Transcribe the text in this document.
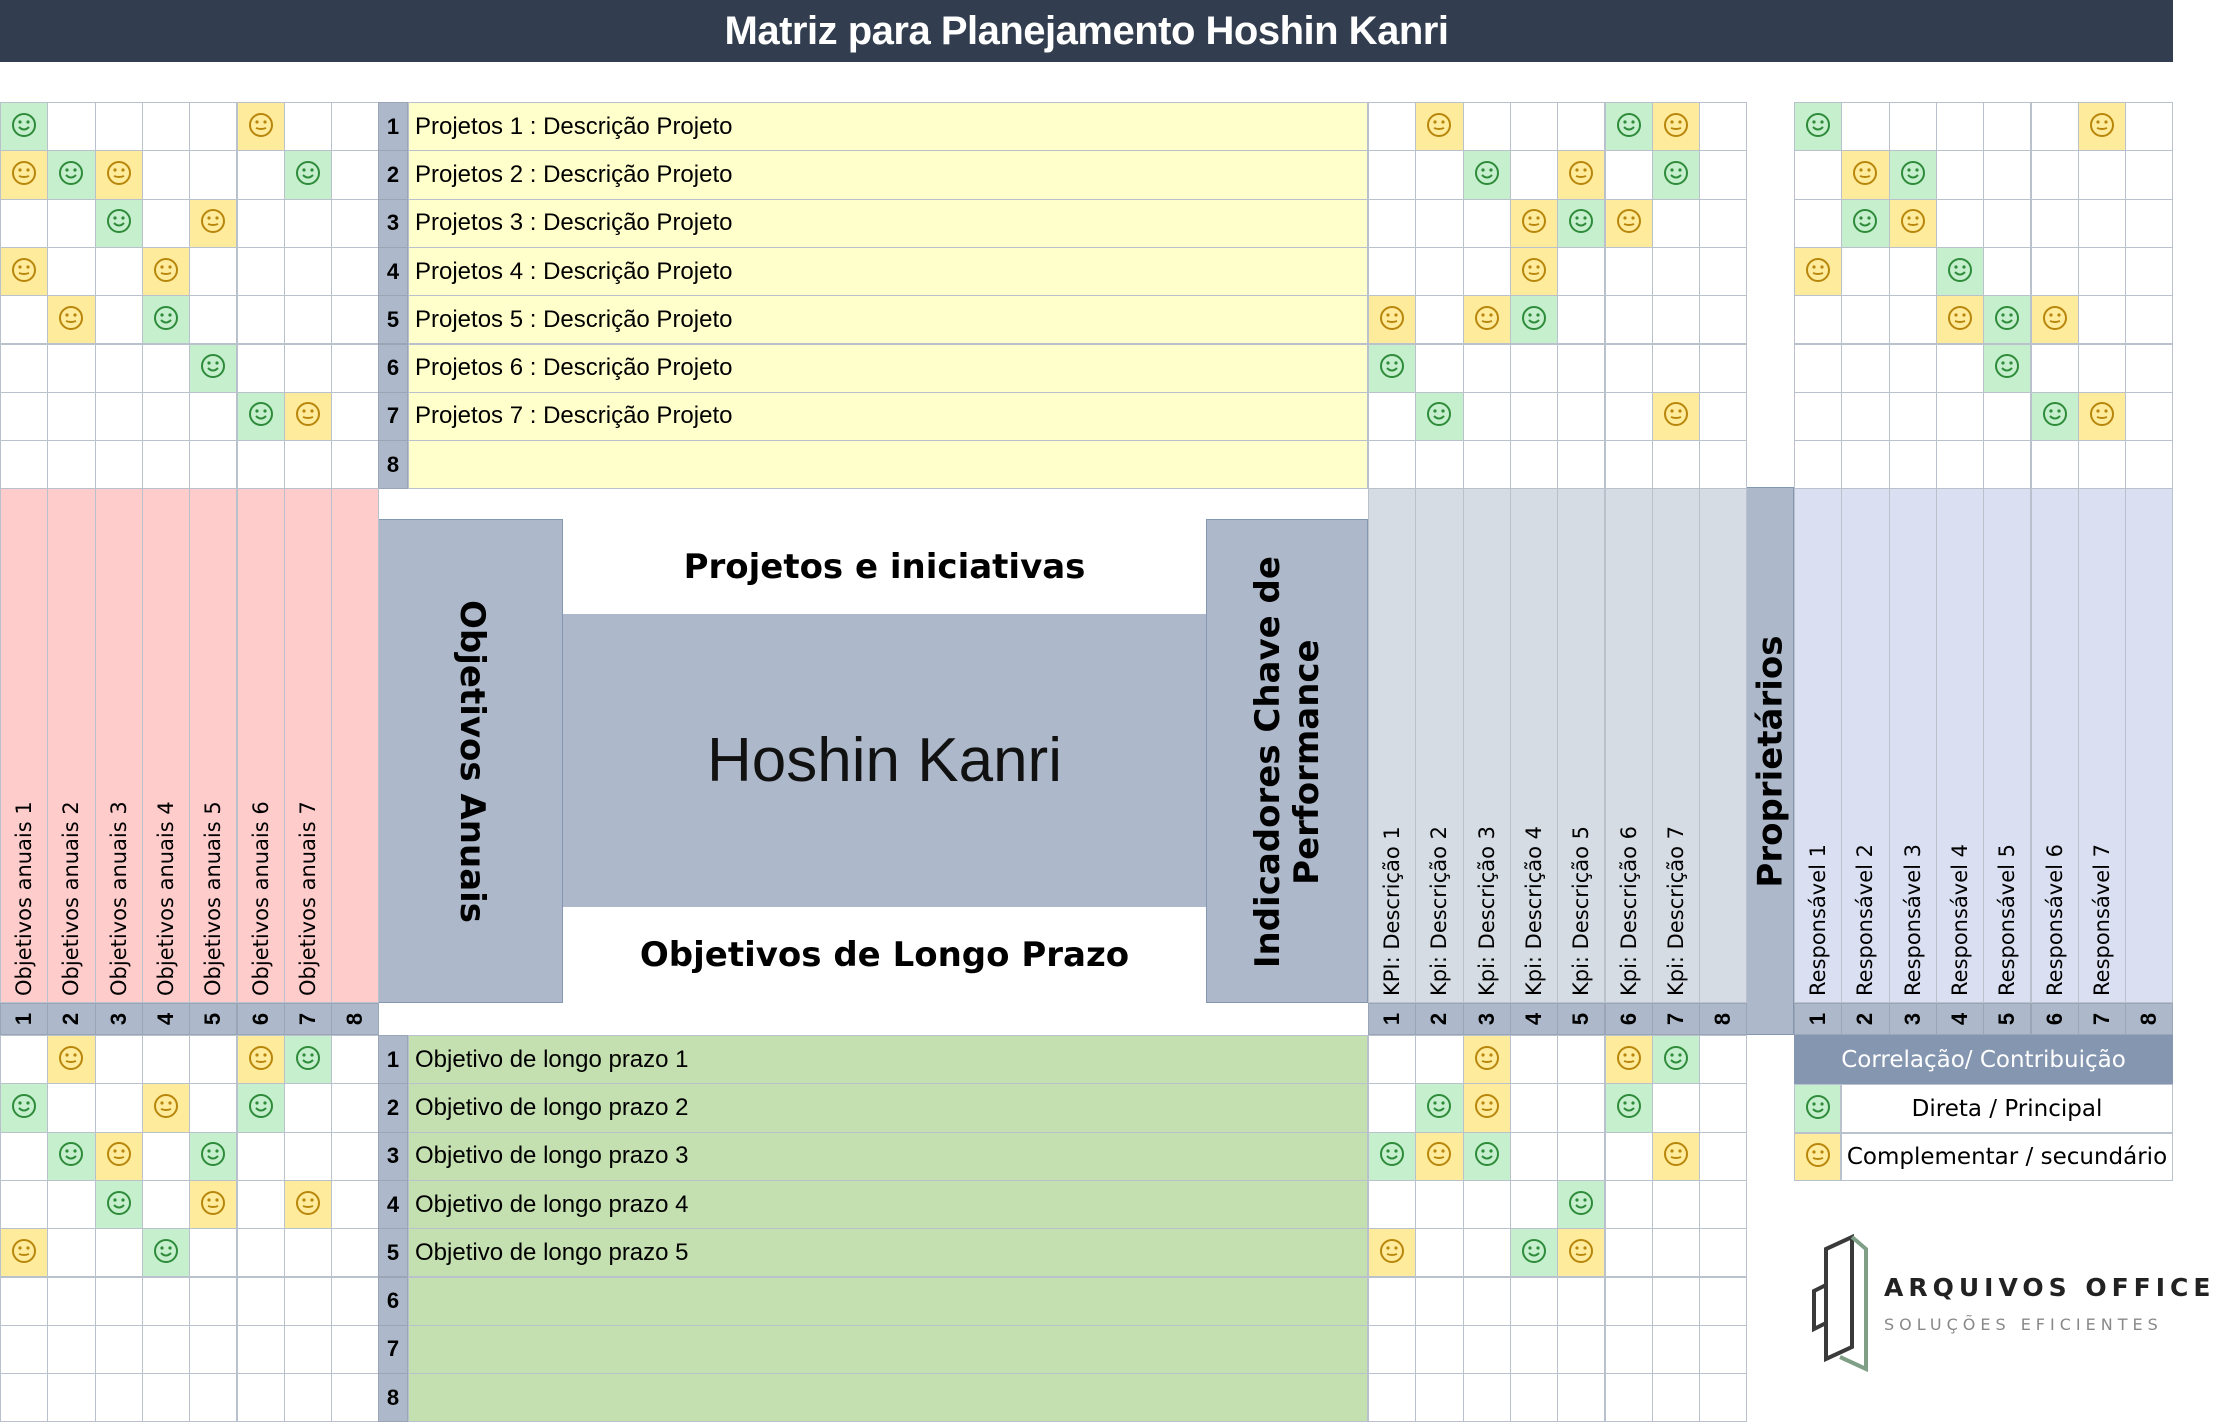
Matriz para Planejamento Hoshin Kanri
Objetivos Anuais
Projetos e iniciativas
Hoshin Kanri
Objetivos de Longo Prazo	Indicadores Chave de Performance	Proprietários
Correlação/ Contribuição
Direta / Principal
Complementar / secundário
ARQUIVOS OFFICE
SOLUÇÕES EFICIENTES
1 Projetos 1 : Descrição Projeto
2 Projetos 2 : Descrição Projeto
3 Projetos 3 : Descrição Projeto
4 Projetos 4 : Descrição Projeto
5 Projetos 5 : Descrição Projeto
6 Projetos 6 : Descrição Projeto
7 Projetos 7 : Descrição Projeto
8
1 Objetivo de longo prazo 1
2 Objetivo de longo prazo 2
3 Objetivo de longo prazo 3
4 Objetivo de longo prazo 4
5 Objetivo de longo prazo 5
6
7
8
Objetivos anuais 1
1
Objetivos anuais 2
2
Objetivos anuais 3
3
Objetivos anuais 4
4
Objetivos anuais 5
5
Objetivos anuais 6
6
Objetivos anuais 7
7 8
KPI: Descrição 1
1
Kpi: Descrição 2
2
Kpi: Descrição 3
3
Kpi: Descrição 4
4
Kpi: Descrição 5
5
Kpi: Descrição 6
6
Kpi: Descrição 7
7 8
Responsável 1
1
Responsável 2
2
Responsável 3
3
Responsável 4
4
Responsável 5
5
Responsável 6
6
Responsável 7
7 8
